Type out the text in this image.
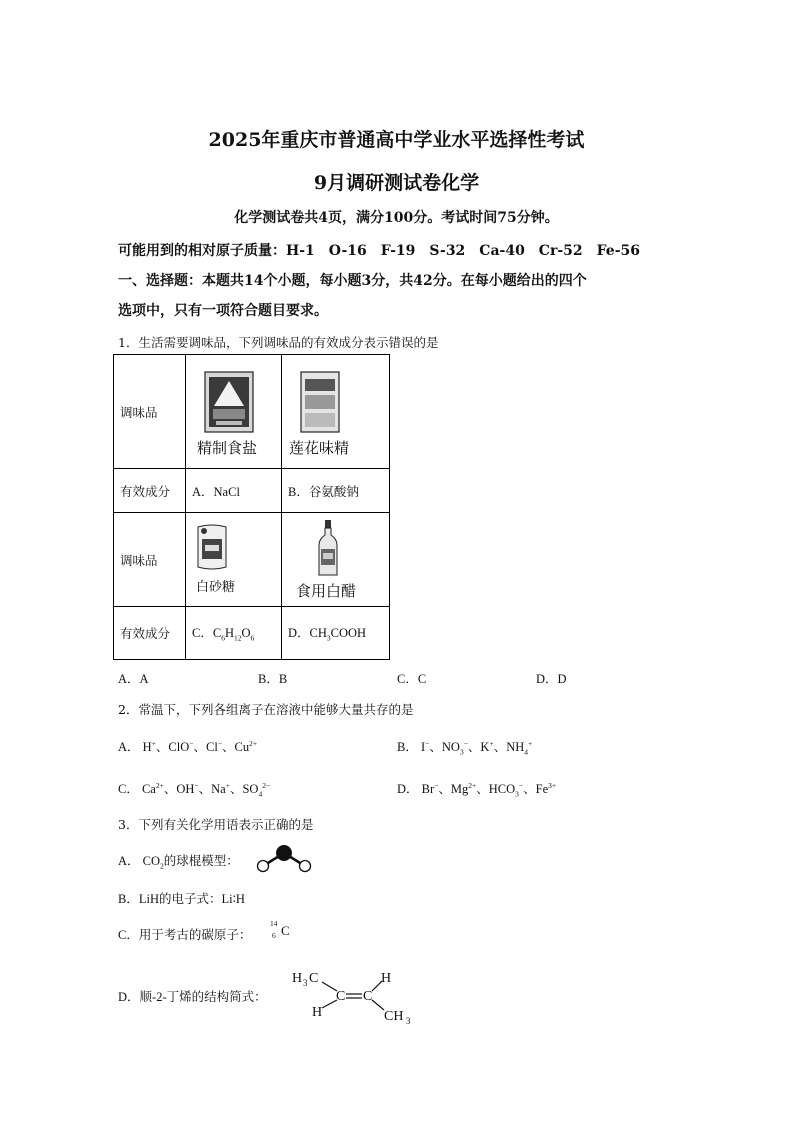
2025年重庆市普通高中学业水平选择性考试
9月调研测试卷化学
化学测试卷共4页，满分100分。考试时间75分钟。
可能用到的相对原子质量：H-1　O-16　F-19　S-32　Ca-40　Cr-52　Fe-56
一、选择题：本题共14个小题，每小题3分，共42分。在每小题给出的四个
选项中，只有一项符合题目要求。
1．生活需要调味品，下列调味品的有效成分表示错误的是
调味品	精制食盐	莲花味精

有效成分	A．NaCl	B．谷氨酸钠
调味品	白砂糖	食用白醋

有效成分	C．$C_6H_{12}O_6$	D．$CH_3COOH$
A．A	B．B	C．C	D．D
2．常温下，下列各组离子在溶液中能够大量共存的是
A． H+、ClO−、Cl−、$Cu^{2+}$	B． I−、$NO_3^-$、K+、$NH_4^+$
C． $Ca^{2+}$、OH−、Na+、$SO_4^{2-}$	D． Br−、$Mg^{2+}$、$HCO_3^-$、$Fe^{3+}$
3．下列有关化学用语表示正确的是
A． $CO_2$的球棍模型：
B．LiH的电子式：Li∶H
C．用于考古的碳原子：
14
6 C
D．顺-2-丁烯的结构简式：
H 3 C	H
H	CH 3
C C
